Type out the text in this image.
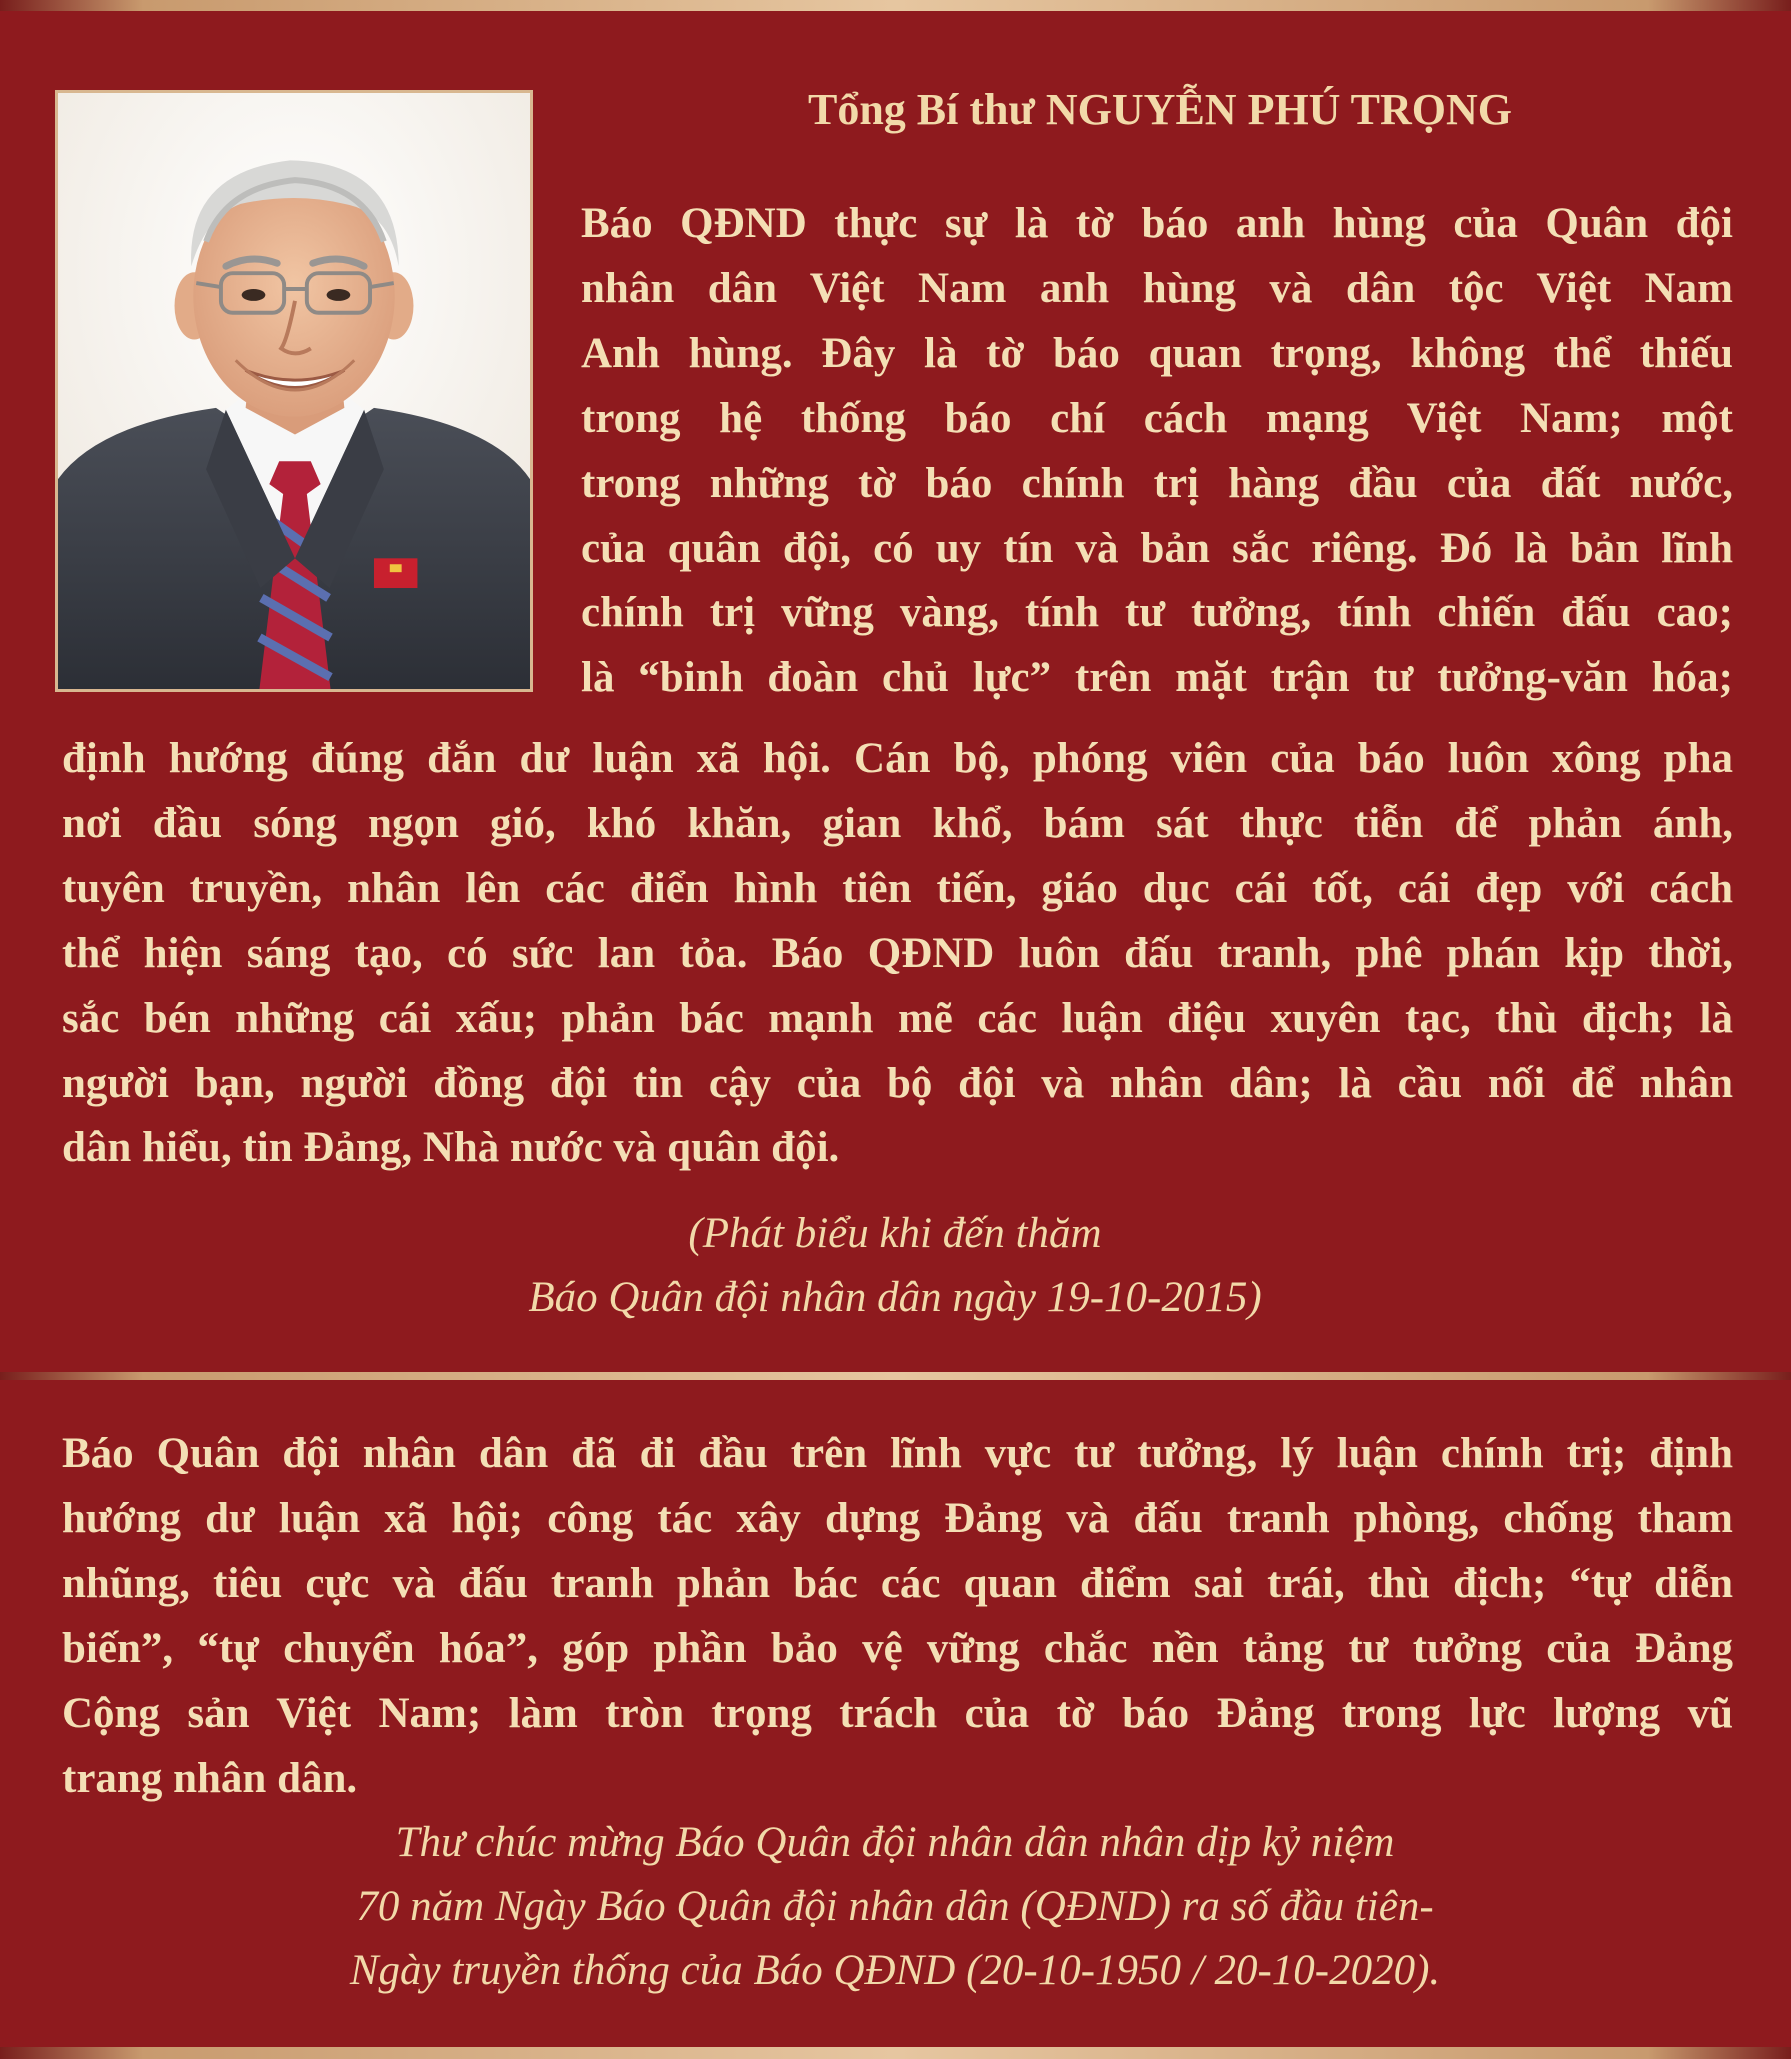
Tổng Bí thư NGUYỄN PHÚ TRỌNG
Báo QĐND thực sự là tờ báo anh hùng của Quân đội
nhân dân Việt Nam anh hùng và dân tộc Việt Nam
Anh hùng. Đây là tờ báo quan trọng, không thể thiếu
trong hệ thống báo chí cách mạng Việt Nam; một
trong những tờ báo chính trị hàng đầu của đất nước,
của quân đội, có uy tín và bản sắc riêng. Đó là bản lĩnh
chính trị vững vàng, tính tư tưởng, tính chiến đấu cao;
là “binh đoàn chủ lực” trên mặt trận tư tưởng-văn hóa;
định hướng đúng đắn dư luận xã hội. Cán bộ, phóng viên của báo luôn xông pha
nơi đầu sóng ngọn gió, khó khăn, gian khổ, bám sát thực tiễn để phản ánh,
tuyên truyền, nhân lên các điển hình tiên tiến, giáo dục cái tốt, cái đẹp với cách
thể hiện sáng tạo, có sức lan tỏa. Báo QĐND luôn đấu tranh, phê phán kịp thời,
sắc bén những cái xấu; phản bác mạnh mẽ các luận điệu xuyên tạc, thù địch; là
người bạn, người đồng đội tin cậy của bộ đội và nhân dân; là cầu nối để nhân
dân hiểu, tin Đảng, Nhà nước và quân đội.
(Phát biểu khi đến thăm
Báo Quân đội nhân dân ngày 19-10-2015)
Báo Quân đội nhân dân đã đi đầu trên lĩnh vực tư tưởng, lý luận chính trị; định
hướng dư luận xã hội; công tác xây dựng Đảng và đấu tranh phòng, chống tham
nhũng, tiêu cực và đấu tranh phản bác các quan điểm sai trái, thù địch; “tự diễn
biến”, “tự chuyển hóa”, góp phần bảo vệ vững chắc nền tảng tư tưởng của Đảng
Cộng sản Việt Nam; làm tròn trọng trách của tờ báo Đảng trong lực lượng vũ
trang nhân dân.
Thư chúc mừng Báo Quân đội nhân dân nhân dịp kỷ niệm
70 năm Ngày Báo Quân đội nhân dân (QĐND) ra số đầu tiên-
Ngày truyền thống của Báo QĐND (20-10-1950 / 20-10-2020).
